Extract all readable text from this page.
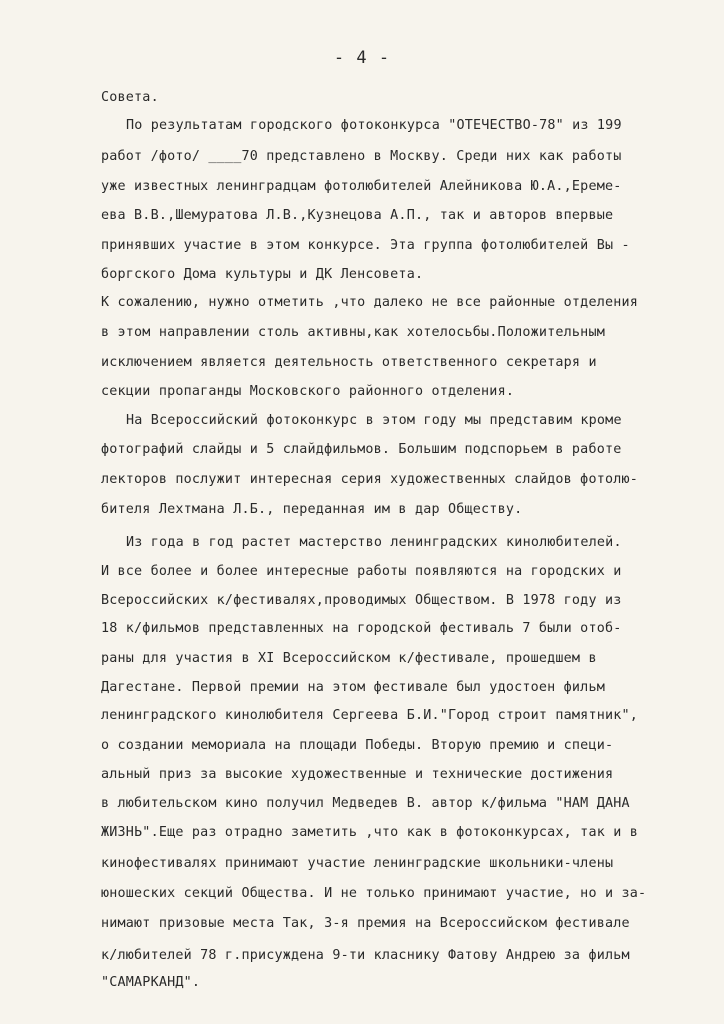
- 4 -
Совета.
По результатам городского фотоконкурса "ОТЕЧЕСТВО-78" из 199
работ /фото/ ____70 представлено в Москву. Среди них как работы
уже известных ленинградцам фотолюбителей Алейникова Ю.А.,Ереме-
ева В.В.,Шемуратова Л.В.,Кузнецова А.П., так и авторов впервые
принявших участие в этом конкурсе. Эта группа фотолюбителей Вы -
боргского Дома культуры и ДК Ленсовета.
К сожалению, нужно отметить ,что далеко не все районные отделения
в этом направлении столь активны,как хотелосьбы.Положительным
исключением является деятельность ответственного секретаря и
секции пропаганды Московского районного отделения.
На Всероссийский фотоконкурс в этом году мы представим кроме
фотографий слайды и 5 слайдфильмов. Большим подспорьем в работе
лекторов послужит интересная серия художественных слайдов фотолю-
бителя Лехтмана Л.Б., переданная им в дар Обществу.
Из года в год растет мастерство ленинградских кинолюбителей.
И все более и более интересные работы появляются на городских и
Всероссийских к/фестивалях,проводимых Обществом. В 1978 году из
18 к/фильмов представленных на городской фестиваль 7 были отоб-
раны для участия в XI Всероссийском к/фестивале, прошедшем в
Дагестане. Первой премии на этом фестивале был удостоен фильм
ленинградского кинолюбителя Сергеева Б.И."Город строит памятник",
о создании мемориала на площади Победы. Вторую премию и специ-
альный приз за высокие художественные и технические достижения
в любительском кино получил Медведев В. автор к/фильма "НАМ ДАНА
ЖИЗНЬ".Еще раз отрадно заметить ,что как в фотоконкурсах, так и в
кинофестивалях принимают участие ленинградские школьники-члены
юношеских секций Общества. И не только принимают участие, но и за-
нимают призовые места Так, 3-я премия на Всероссийском фестивале
к/любителей 78 г.присуждена 9-ти класнику Фатову Андрею за фильм
"САМАРКАНД".
